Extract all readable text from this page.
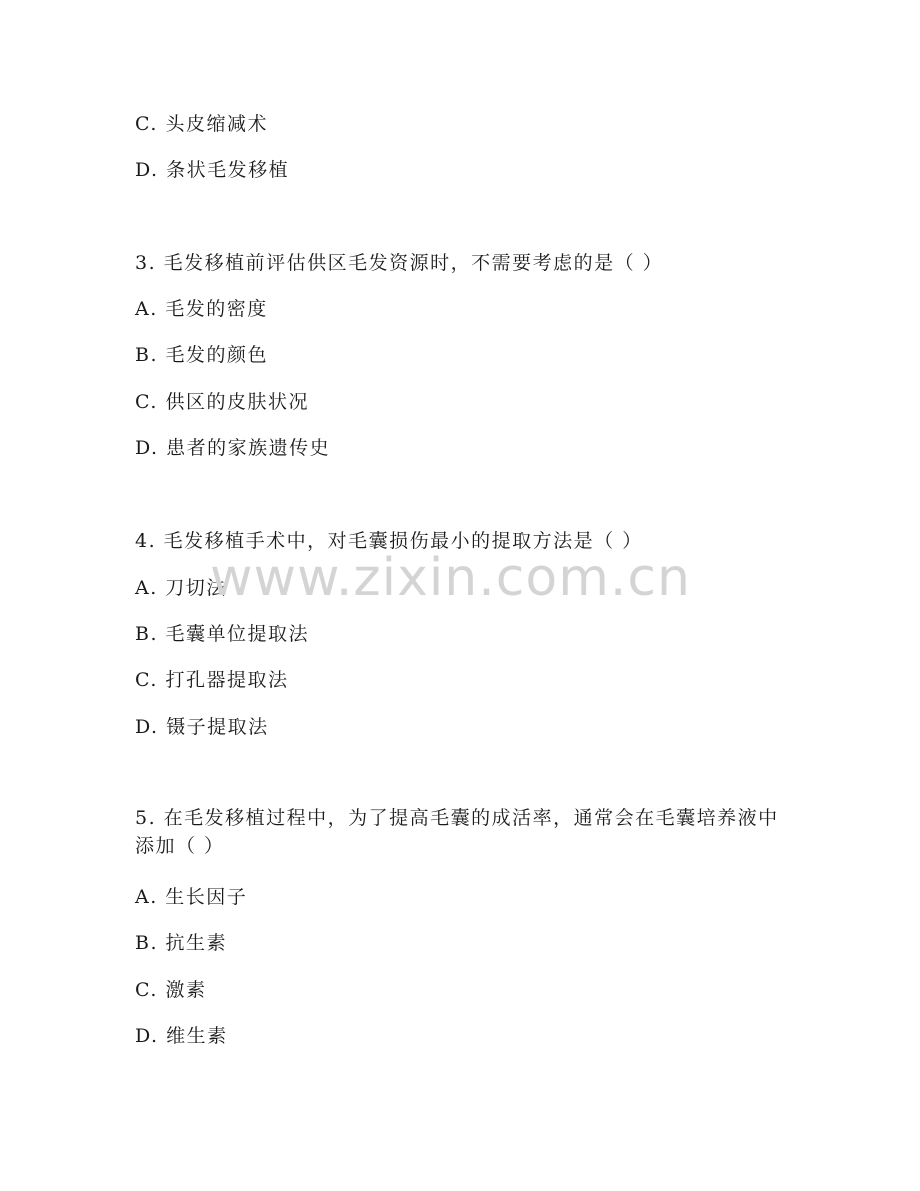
C. 头皮缩减术
D. 条状毛发移植
3. 毛发移植前评估供区毛发资源时，不需要考虑的是（ ）
A. 毛发的密度
B. 毛发的颜色
C. 供区的皮肤状况
D. 患者的家族遗传史
4. 毛发移植手术中，对毛囊损伤最小的提取方法是（ ）
A. 刀切法
B. 毛囊单位提取法
C. 打孔器提取法
D. 镊子提取法
5. 在毛发移植过程中，为了提高毛囊的成活率，通常会在毛囊培养液中添加（ ）
A. 生长因子
B. 抗生素
C. 激素
D. 维生素
www.zixin.com.cn
